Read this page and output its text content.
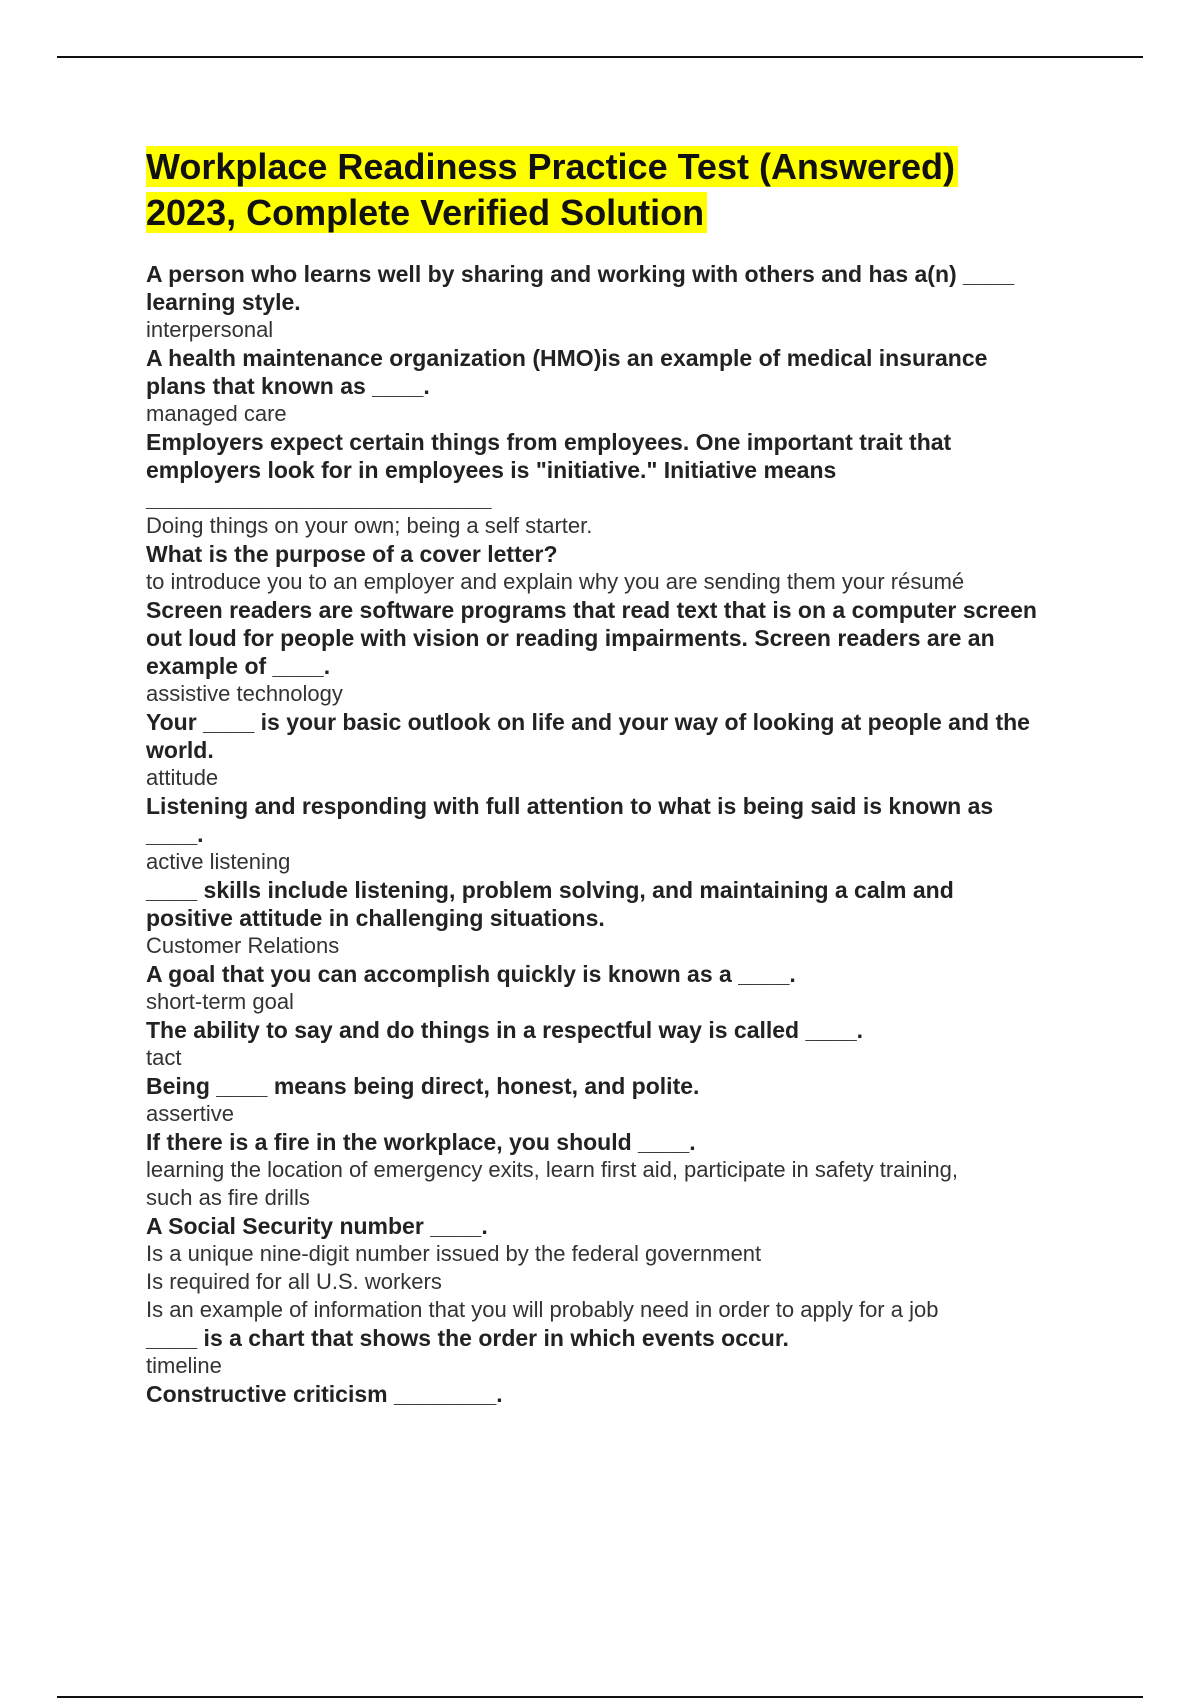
Workplace Readiness Practice Test (Answered)
2023, Complete Verified Solution
A person who learns well by sharing and working with others and has a(n) ____
learning style.
interpersonal
A health maintenance organization (HMO)is an example of medical insurance
plans that known as ____.
managed care
Employers expect certain things from employees. One important trait that
employers look for in employees is "initiative." Initiative means
___________________________
Doing things on your own; being a self starter.
What is the purpose of a cover letter?
to introduce you to an employer and explain why you are sending them your résumé
Screen readers are software programs that read text that is on a computer screen
out loud for people with vision or reading impairments. Screen readers are an
example of ____.
assistive technology
Your ____ is your basic outlook on life and your way of looking at people and the
world.
attitude
Listening and responding with full attention to what is being said is known as
____.
active listening
____ skills include listening, problem solving, and maintaining a calm and
positive attitude in challenging situations.
Customer Relations
A goal that you can accomplish quickly is known as a ____.
short-term goal
The ability to say and do things in a respectful way is called ____.
tact
Being ____ means being direct, honest, and polite.
assertive
If there is a fire in the workplace, you should ____.
learning the location of emergency exits, learn first aid, participate in safety training,
such as fire drills
A Social Security number ____.
Is a unique nine-digit number issued by the federal government
Is required for all U.S. workers
Is an example of information that you will probably need in order to apply for a job
____ is a chart that shows the order in which events occur.
timeline
Constructive criticism ________.
